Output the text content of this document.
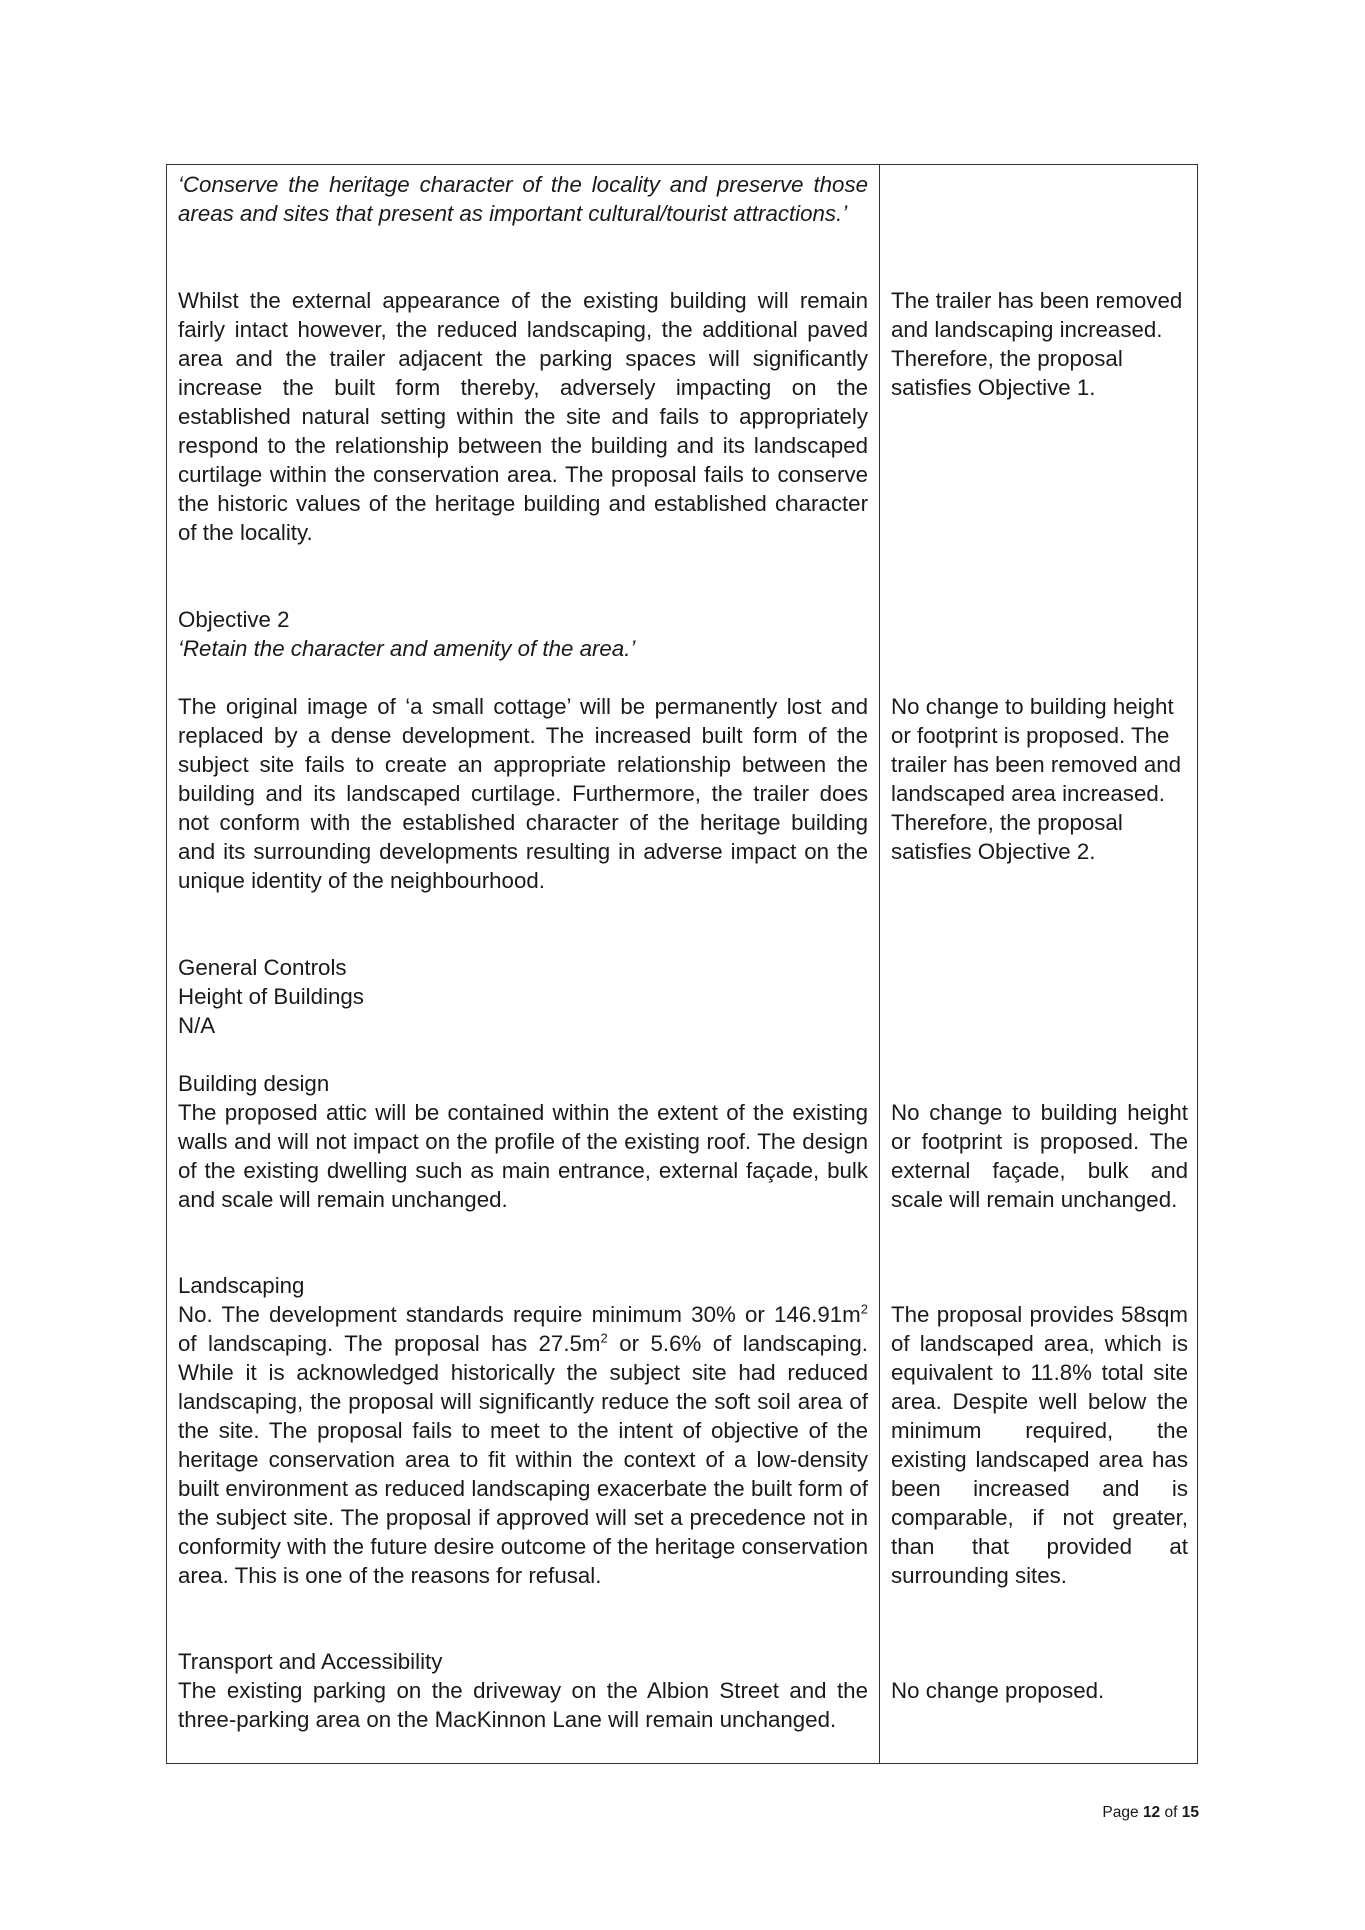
‘Conserve the heritage character of the locality and preserve those areas and sites that present as important cultural/tourist attractions.’
Whilst the external appearance of the existing building will remain fairly intact however, the reduced landscaping, the additional paved area and the trailer adjacent the parking spaces will significantly increase the built form thereby, adversely impacting on the established natural setting within the site and fails to appropriately respond to the relationship between the building and its landscaped curtilage within the conservation area. The proposal fails to conserve the historic values of the heritage building and established character of the locality.
Objective 2
‘Retain the character and amenity of the area.’
The original image of ‘a small cottage’ will be permanently lost and replaced by a dense development. The increased built form of the subject site fails to create an appropriate relationship between the building and its landscaped curtilage. Furthermore, the trailer does not conform with the established character of the heritage building and its surrounding developments resulting in adverse impact on the unique identity of the neighbourhood.
General Controls
Height of Buildings
N/A
Building design
The proposed attic will be contained within the extent of the existing walls and will not impact on the profile of the existing roof. The design of the existing dwelling such as main entrance, external façade, bulk and scale will remain unchanged.
Landscaping
No. The development standards require minimum 30% or $146.91m^2$ of landscaping. The proposal has $27.5m^2$ or 5.6% of landscaping. While it is acknowledged historically the subject site had reduced landscaping, the proposal will significantly reduce the soft soil area of the site. The proposal fails to meet to the intent of objective of the heritage conservation area to fit within the context of a low-density built environment as reduced landscaping exacerbate the built form of the subject site. The proposal if approved will set a precedence not in conformity with the future desire outcome of the heritage conservation area. This is one of the reasons for refusal.
Transport and Accessibility
The existing parking on the driveway on the Albion Street and the three-parking area on the MacKinnon Lane will remain unchanged.
The trailer has been removed and landscaping increased. Therefore, the proposal satisfies Objective 1.
No change to building height or footprint is proposed. The trailer has been removed and landscaped area increased. Therefore, the proposal satisfies Objective 2.
No change to building height or footprint is proposed. The external façade, bulk and scale will remain unchanged.
The proposal provides 58sqm of landscaped area, which is equivalent to 11.8% total site area. Despite well below the minimum required, the existing landscaped area has been increased and is comparable, if not greater, than that provided at surrounding sites.
No change proposed.
Page 12 of 15
